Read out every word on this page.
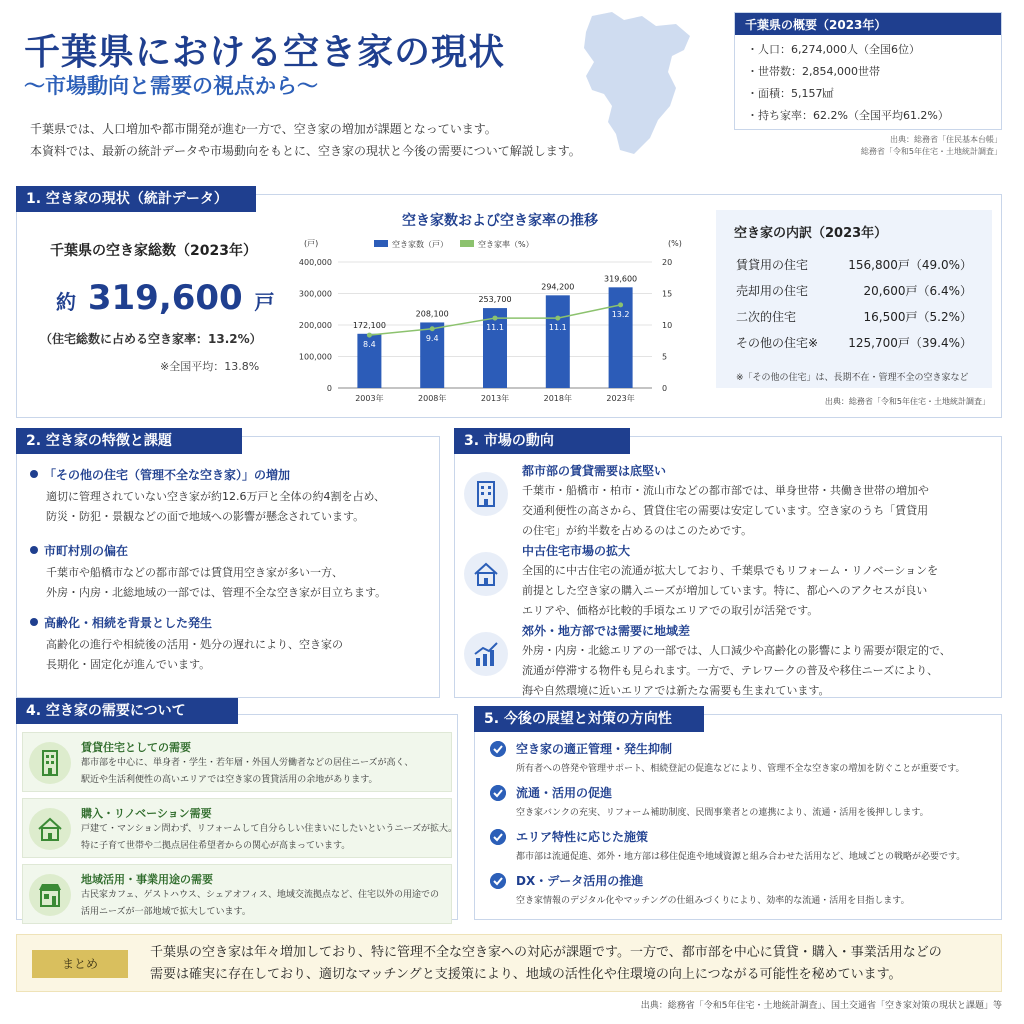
千葉県における空き家の現状
〜市場動向と需要の視点から〜
千葉県では、人口増加や都市開発が進む一方で、空き家の増加が課題となっています。
本資料では、最新の統計データや市場動向をもとに、空き家の現状と今後の需要について解説します。
千葉県の概要（2023年）
・人口：6,274,000人（全国6位）
・世帯数：2,854,000世帯
・面積：5,157㎢
・持ち家率：62.2%（全国平均61.2%）
出典：総務省「住民基本台帳」
総務省「令和5年住宅・土地統計調査」
1. 空き家の現状（統計データ）
千葉県の空き家総数（2023年）
約 319,600 戸
（住宅総数に占める空き家率：13.2%）
※全国平均：13.8%
空き家数および空き家率の推移
(戸)	(%)
空き家数（戸）	空き家率（%）
0
100,000
200,000
300,000
400,000
0
5
10
15
20
172,100
2003年
208,100
2008年
253,700
2013年
294,200
2018年
319,600
2023年
8.4
9.4
11.1	11.1
13.2
空き家の内訳（2023年）
賃貸用の住宅	156,800戸（49.0%）
売却用の住宅	20,600戸（6.4%）
二次的住宅	16,500戸（5.2%）
その他の住宅※	125,700戸（39.4%）
※「その他の住宅」は、長期不在・管理不全の空き家など
出典：総務省「令和5年住宅・土地統計調査」
2. 空き家の特徴と課題
「その他の住宅（管理不全な空き家）」の増加
適切に管理されていない空き家が約12.6万戸と全体の約4割を占め、
防災・防犯・景観などの面で地域への影響が懸念されています。
市町村別の偏在
千葉市や船橋市などの都市部では賃貸用空き家が多い一方、
外房・内房・北総地域の一部では、管理不全な空き家が目立ちます。
高齢化・相続を背景とした発生
高齢化の進行や相続後の活用・処分の遅れにより、空き家の
長期化・固定化が進んでいます。
3. 市場の動向
都市部の賃貸需要は底堅い
千葉市・船橋市・柏市・流山市などの都市部では、単身世帯・共働き世帯の増加や
交通利便性の高さから、賃貸住宅の需要は安定しています。空き家のうち「賃貸用
の住宅」が約半数を占めるのはこのためです。
中古住宅市場の拡大
全国的に中古住宅の流通が拡大しており、千葉県でもリフォーム・リノベーションを
前提とした空き家の購入ニーズが増加しています。特に、都心へのアクセスが良い
エリアや、価格が比較的手頃なエリアでの取引が活発です。
郊外・地方部では需要に地域差
外房・内房・北総エリアの一部では、人口減少や高齢化の影響により需要が限定的で、
流通が停滞する物件も見られます。一方で、テレワークの普及や移住ニーズにより、
海や自然環境に近いエリアでは新たな需要も生まれています。
4. 空き家の需要について
賃貸住宅としての需要
都市部を中心に、単身者・学生・若年層・外国人労働者などの居住ニーズが高く、
駅近や生活利便性の高いエリアでは空き家の賃貸活用の余地があります。
購入・リノベーション需要
戸建て・マンション問わず、リフォームして自分らしい住まいにしたいというニーズが拡大。
特に子育て世帯や二拠点居住希望者からの関心が高まっています。
地域活用・事業用途の需要
古民家カフェ、ゲストハウス、シェアオフィス、地域交流拠点など、住宅以外の用途での
活用ニーズが一部地域で拡大しています。
5. 今後の展望と対策の方向性
空き家の適正管理・発生抑制
所有者への啓発や管理サポート、相続登記の促進などにより、管理不全な空き家の増加を防ぐことが重要です。
流通・活用の促進
空き家バンクの充実、リフォーム補助制度、民間事業者との連携により、流通・活用を後押しします。
エリア特性に応じた施策
都市部は流通促進、郊外・地方部は移住促進や地域資源と組み合わせた活用など、地域ごとの戦略が必要です。
DX・データ活用の推進
空き家情報のデジタル化やマッチングの仕組みづくりにより、効率的な流通・活用を目指します。
まとめ
千葉県の空き家は年々増加しており、特に管理不全な空き家への対応が課題です。一方で、都市部を中心に賃貸・購入・事業活用などの
需要は確実に存在しており、適切なマッチングと支援策により、地域の活性化や住環境の向上につながる可能性を秘めています。
出典：総務省「令和5年住宅・土地統計調査」、国土交通省「空き家対策の現状と課題」等
